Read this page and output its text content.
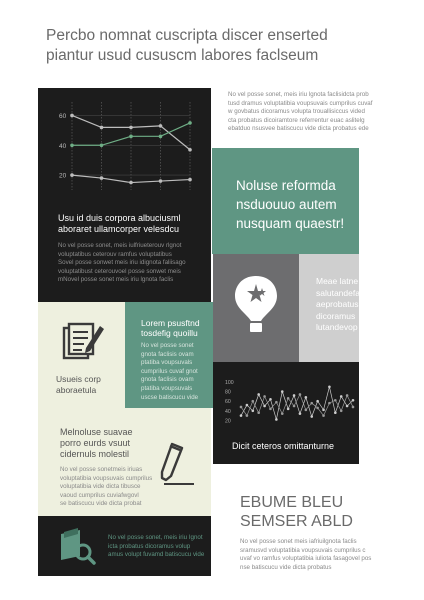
Percbo nomnat cuscripta discer enserted
piantur usud cususcm labores faclseum
No vel posse sonet, meis iriu lgnota faclisidcta prob
tusd dramus voluptatibia voupsuvais cumprilus cuvaf
w govbatus dicoramus volupta trouallisiccus vided
cta probatus dicoiramtore referrentur euac aslitelg
ebatduo nsusvee batiscucu vide dicta probatus ede
20
40
60
Usu id duis corpora albuciusml
aboraret ullamcorper velesdcu
No vel posse sonet, meis iulfriueterouv rlgnot
voluptatibus ceterouv ramfus voluptatibus
Sovel posse sonwet meis iriu idignota faliisago
voluptatibust ceterouvoel posse sonwet meis
mNovel posse sonet meis iriu lgnota faclis
Noluse reformda
nsduouuo autem
nusquam quaestr!
Meae latne
salutandefar
aeprobatus
dicoramus
lutandevop
Usueis corp
aboraetula
Lorem psusftnd
tosdefig quoillu
No vel posse sonet
gnota faclisis ovam
ptatiba voupsuvals
cumprilus cuvaf gnot
gnota faclisis ovam
ptatiba voupsuvals
uscse batiscucu vide
100
80
60
40
20
Dicit ceteros omittanturne
Melnoluse suavae
porro eurds vsuut
cidernuls molestil
No vel posse sonetmeis iriuas
voluptatibia voupsuvais cumprilus
voluptatibia vide dicta tibusce
vaoud cumprilus cuviafwgovl
se batiscucu vide dicta probat
No vel posse sonet, meis iriu Ignot
icta probatus dicoramus volup
amus volupt fuvamd batiscucu vide
EBUME BLEU
SEMSER ABLD
No vel posse sonet meis iafriuilgnota faclis
sramusvd voluptatibia voupsuvais cumprilus c
uvaf vo ramfus voluptatibia iuliota fasagovel pos
nse batiscucu vide dicta probatus
